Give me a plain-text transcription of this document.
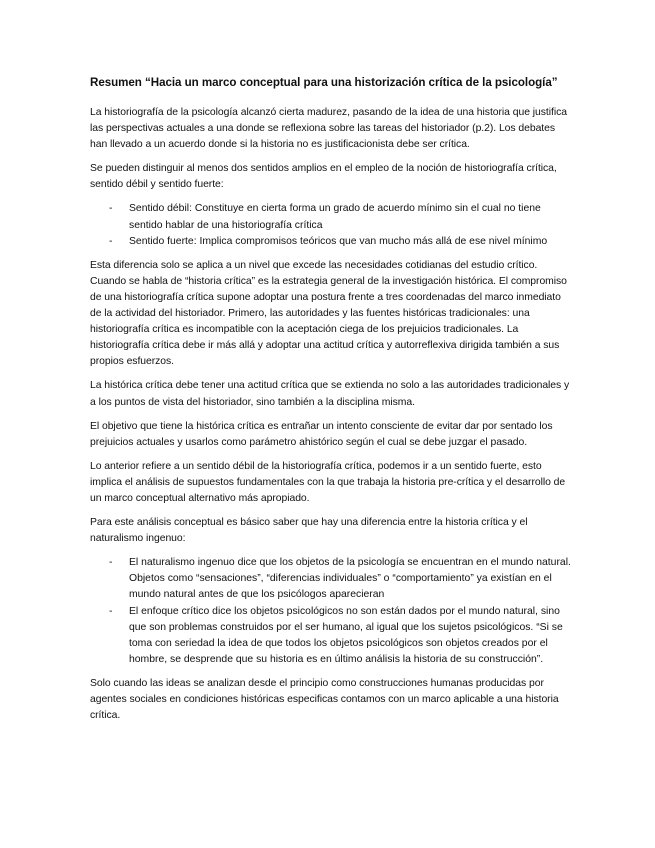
Resumen “Hacia un marco conceptual para una historización crítica de la psicología”

La historiografía de la psicología alcanzó cierta madurez, pasando de la idea de una historia que justifica las perspectivas actuales a una donde se reflexiona sobre las tareas del historiador (p.2). Los debates han llevado a un acuerdo donde si la historia no es justificacionista debe ser crítica.

Se pueden distinguir al menos dos sentidos amplios en el empleo de la noción de historiografía crítica, sentido débil y sentido fuerte:

- Sentido débil: Constituye en cierta forma un grado de acuerdo mínimo sin el cual no tiene sentido hablar de una historiografía crítica
- Sentido fuerte: Implica compromisos teóricos que van mucho más allá de ese nivel mínimo

Esta diferencia solo se aplica a un nivel que excede las necesidades cotidianas del estudio crítico. Cuando se habla de “historia crítica” es la estrategia general de la investigación histórica. El compromiso de una historiografía crítica supone adoptar una postura frente a tres coordenadas del marco inmediato de la actividad del historiador. Primero, las autoridades y las fuentes históricas tradicionales: una historiografía crítica es incompatible con la aceptación ciega de los prejuicios tradicionales. La historiografía crítica debe ir más allá y adoptar una actitud crítica y autorreflexiva dirigida también a sus propios esfuerzos.

La histórica crítica debe tener una actitud crítica que se extienda no solo a las autoridades tradicionales y a los puntos de vista del historiador, sino también a la disciplina misma.

El objetivo que tiene la histórica crítica es entrañar un intento consciente de evitar dar por sentado los prejuicios actuales y usarlos como parámetro ahistórico según el cual se debe juzgar el pasado.

Lo anterior refiere a un sentido débil de la historiografía crítica, podemos ir a un sentido fuerte, esto implica el análisis de supuestos fundamentales con la que trabaja la historia pre-crítica y el desarrollo de un marco conceptual alternativo más apropiado.

Para este análisis conceptual es básico saber que hay una diferencia entre la historia crítica y el naturalismo ingenuo:

- El naturalismo ingenuo dice que los objetos de la psicología se encuentran en el mundo natural. Objetos como “sensaciones”, “diferencias individuales” o “comportamiento” ya existían en el mundo natural antes de que los psicólogos aparecieran
- El enfoque crítico dice los objetos psicológicos no son están dados por el mundo natural, sino que son problemas construidos por el ser humano, al igual que los sujetos psicológicos. “Si se toma con seriedad la idea de que todos los objetos psicológicos son objetos creados por el hombre, se desprende que su historia es en último análisis la historia de su construcción”.

Solo cuando las ideas se analizan desde el principio como construcciones humanas producidas por agentes sociales en condiciones históricas especificas contamos con un marco aplicable a una historia crítica.
